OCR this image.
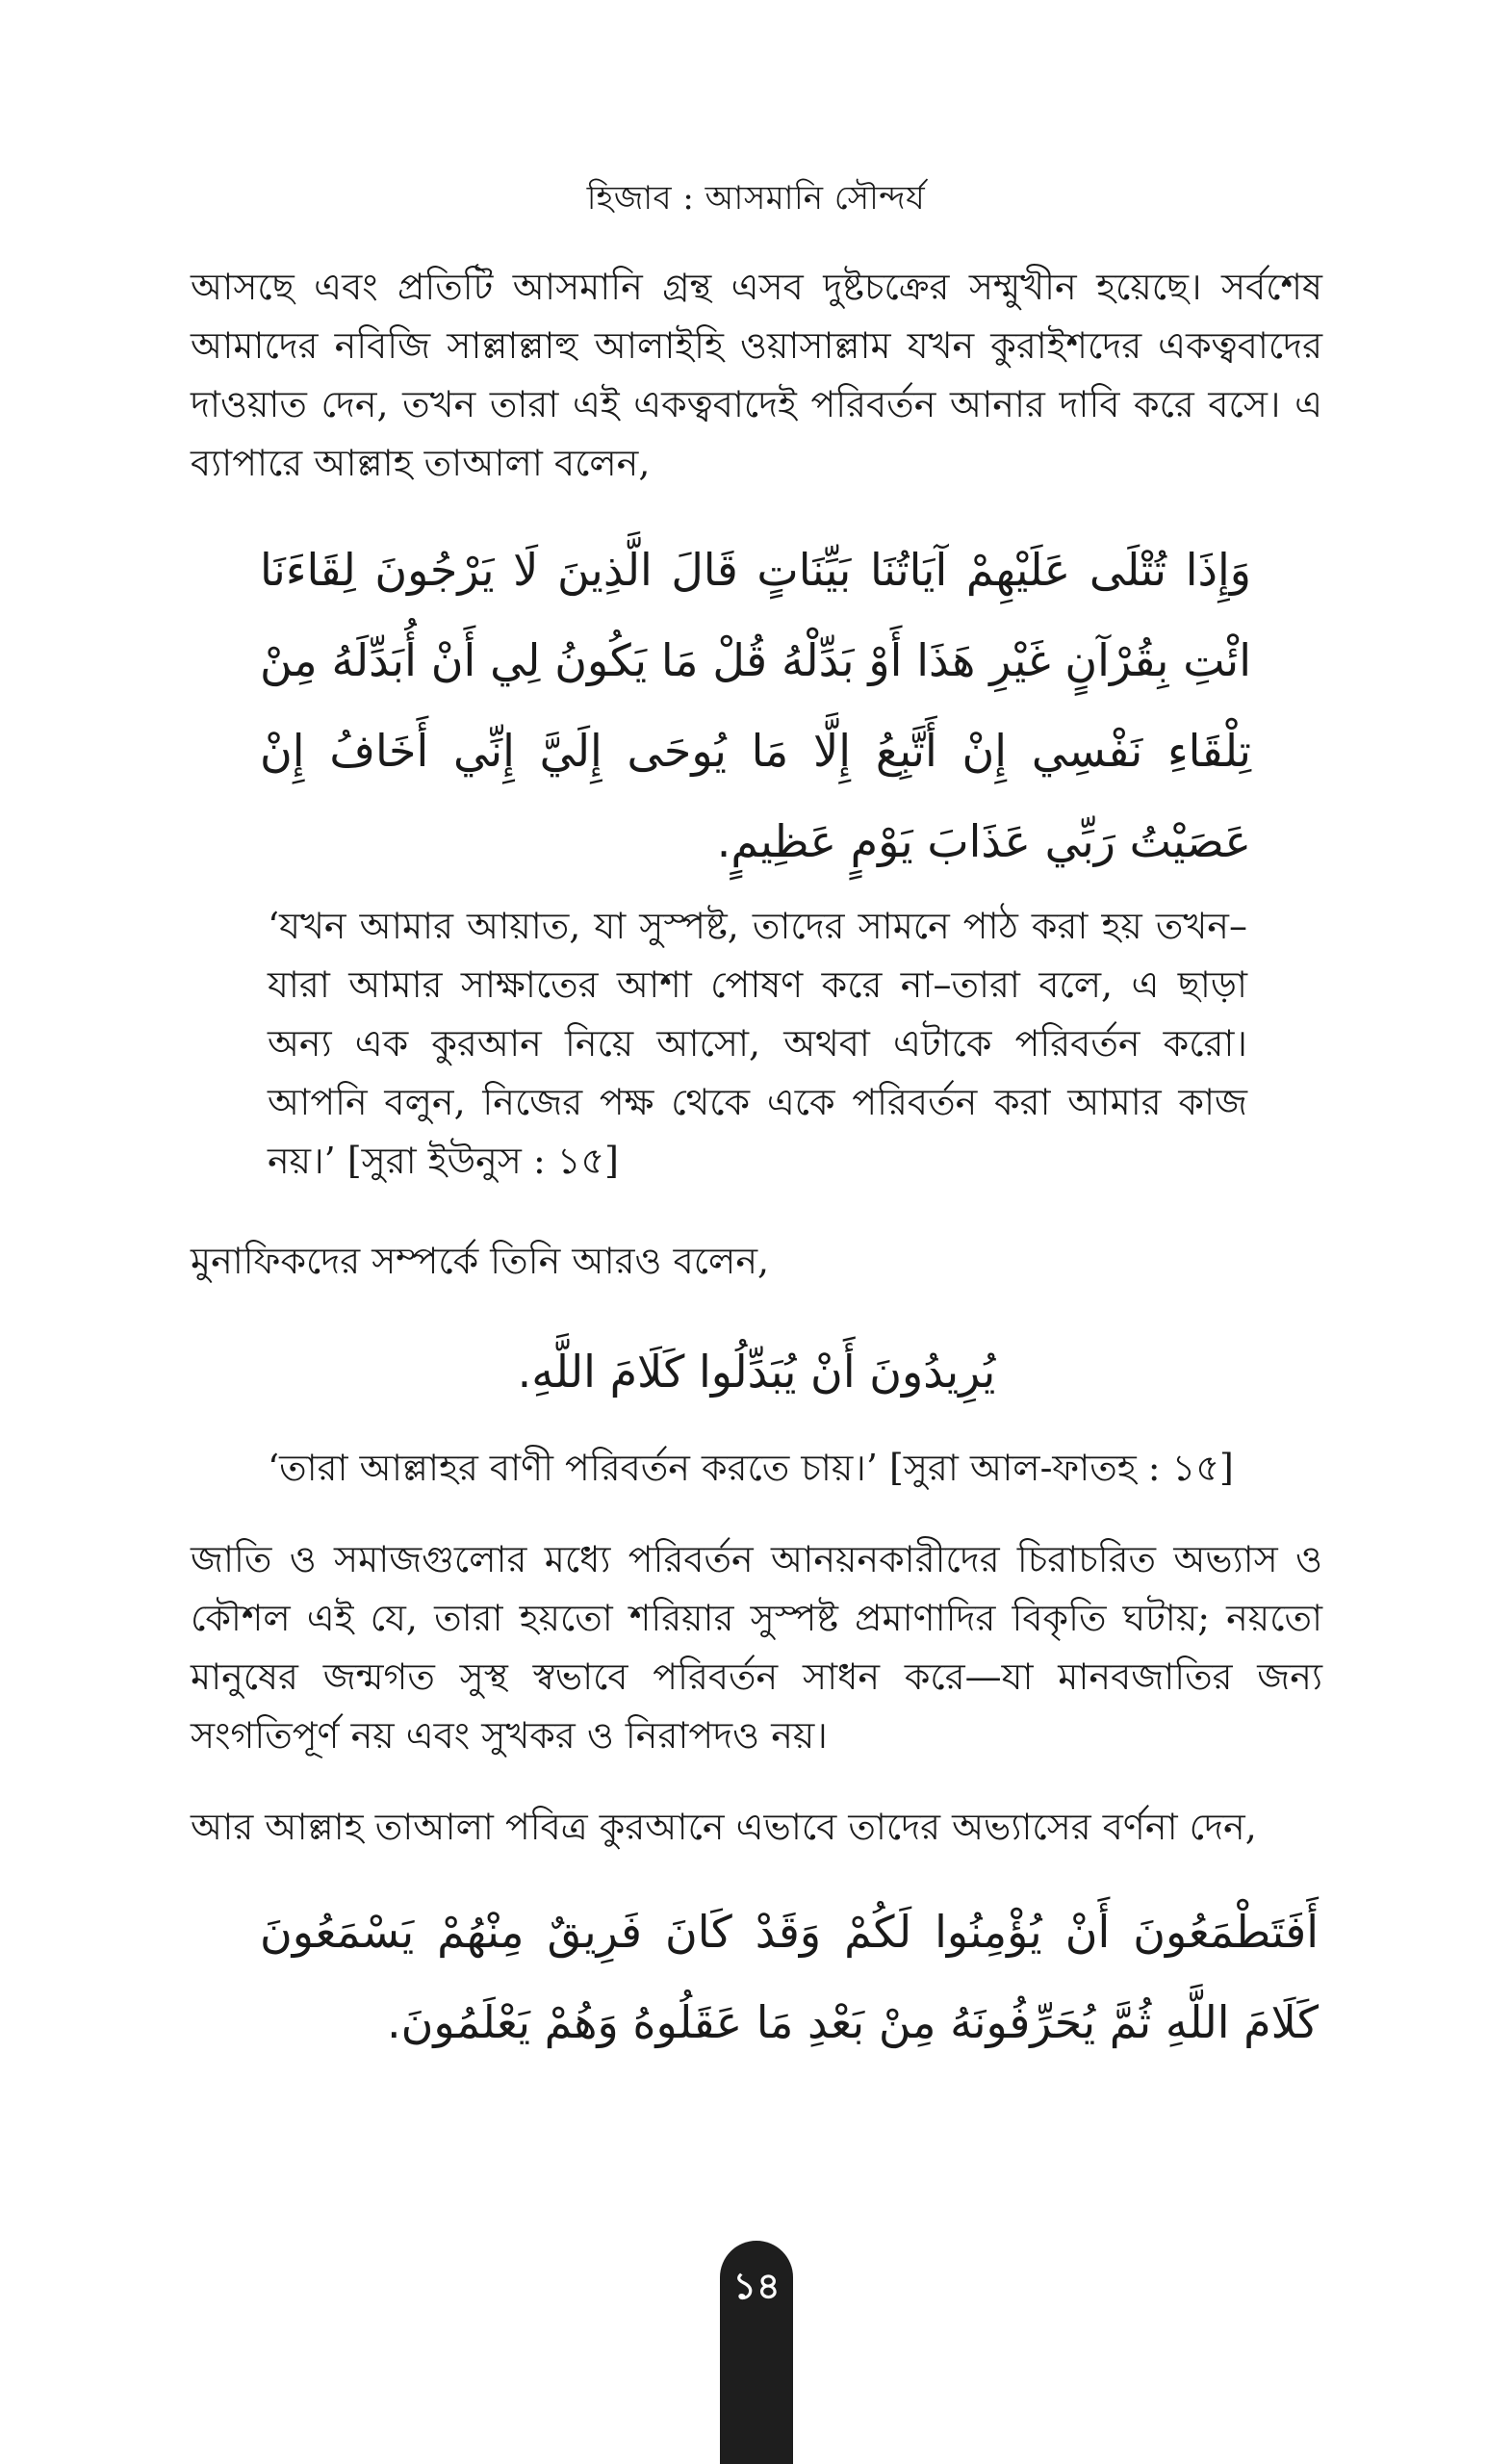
হিজাব : আসমানি সৌন্দর্য

আসছে এবং প্রতিটি আসমানি গ্রন্থ এসব দুষ্টচক্রের সম্মুখীন হয়েছে। সর্বশেষ আমাদের নবিজি সাল্লাল্লাহু আলাইহি ওয়াসাল্লাম যখন কুরাইশদের একত্ববাদের দাওয়াত দেন, তখন তারা এই একত্ববাদেই পরিবর্তন আনার দাবি করে বসে। এ ব্যাপারে আল্লাহ তাআলা বলেন,

وَإِذَا تُتْلَى عَلَيْهِمْ آيَاتُنَا بَيِّنَاتٍ قَالَ الَّذِينَ لَا يَرْجُونَ لِقَاءَنَا ائْتِ بِقُرْآنٍ غَيْرِ هَذَا أَوْ بَدِّلْهُ قُلْ مَا يَكُونُ لِي أَنْ أُبَدِّلَهُ مِنْ تِلْقَاءِ نَفْسِي إِنْ أَتَّبِعُ إِلَّا مَا يُوحَى إِلَيَّ إِنِّي أَخَافُ إِنْ عَصَيْتُ رَبِّي عَذَابَ يَوْمٍ عَظِيمٍ.

‘যখন আমার আয়াত, যা সুস্পষ্ট, তাদের সামনে পাঠ করা হয় তখন–যারা আমার সাক্ষাতের আশা পোষণ করে না–তারা বলে, এ ছাড়া অন্য এক কুরআন নিয়ে আসো, অথবা এটাকে পরিবর্তন করো। আপনি বলুন, নিজের পক্ষ থেকে একে পরিবর্তন করা আমার কাজ নয়।’ [সুরা ইউনুস : ১৫]

মুনাফিকদের সম্পর্কে তিনি আরও বলেন,

يُرِيدُونَ أَنْ يُبَدِّلُوا كَلَامَ اللَّهِ.

‘তারা আল্লাহর বাণী পরিবর্তন করতে চায়।’ [সুরা আল-ফাতহ : ১৫]

জাতি ও সমাজগুলোর মধ্যে পরিবর্তন আনয়নকারীদের চিরাচরিত অভ্যাস ও কৌশল এই যে, তারা হয়তো শরিয়ার সুস্পষ্ট প্রমাণাদির বিকৃতি ঘটায়; নয়তো মানুষের জন্মগত সুস্থ স্বভাবে পরিবর্তন সাধন করে—যা মানবজাতির জন্য সংগতিপূর্ণ নয় এবং সুখকর ও নিরাপদও নয়।

আর আল্লাহ তাআলা পবিত্র কুরআনে এভাবে তাদের অভ্যাসের বর্ণনা দেন,

أَفَتَطْمَعُونَ أَنْ يُؤْمِنُوا لَكُمْ وَقَدْ كَانَ فَرِيقٌ مِنْهُمْ يَسْمَعُونَ كَلَامَ اللَّهِ ثُمَّ يُحَرِّفُونَهُ مِنْ بَعْدِ مَا عَقَلُوهُ وَهُمْ يَعْلَمُونَ.

১৪
